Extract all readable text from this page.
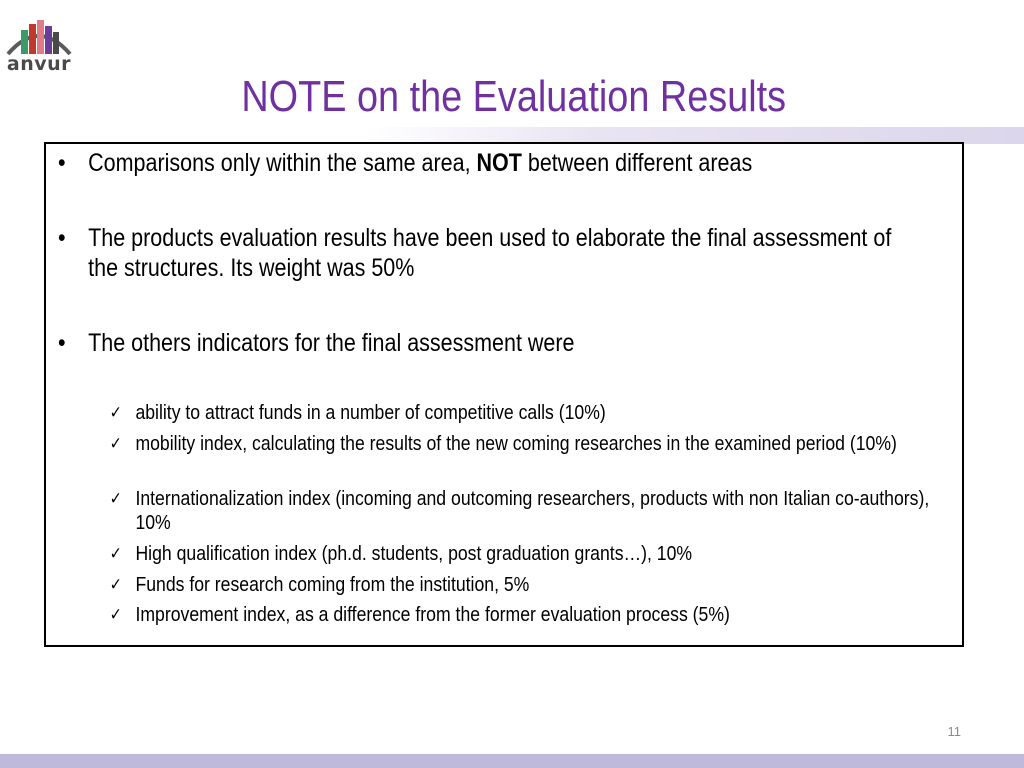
anvur
NOTE on the Evaluation Results
• Comparisons only within the same area, NOT between different areas
• The products evaluation results have been used to elaborate the final assessment of the structures. Its weight was 50%
• The others indicators for the final assessment were
✓ ability to attract funds in a number of competitive calls (10%)
✓ mobility index, calculating the results of the new coming researches in the examined period (10%)
✓ Internationalization index (incoming and outcoming researchers, products with non Italian co-authors), 10%
✓ High qualification index (ph.d. students, post graduation grants…), 10%
✓ Funds for research coming from the institution, 5%
✓ Improvement index, as a difference from the former evaluation process (5%)
11
